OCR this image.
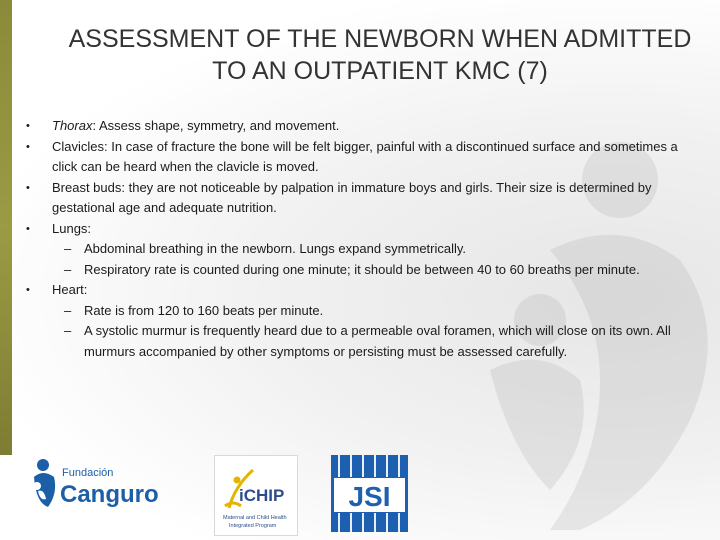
ASSESSMENT OF THE NEWBORN WHEN ADMITTED TO AN OUTPATIENT KMC (7)
• Thorax: Assess shape, symmetry, and movement.
• Clavicles: In case of fracture the bone will be felt bigger, painful with a discontinued surface and sometimes a click can be heard when the clavicle is moved.
• Breast buds: they are not noticeable by palpation in immature boys and girls. Their size is determined by gestational age and adequate nutrition.
• Lungs:
– Abdominal breathing in the newborn. Lungs expand symmetrically.
– Respiratory rate is counted during one minute; it should be between 40 to 60 breaths per minute.
• Heart:
– Rate is from 120 to 160 beats per minute.
– A systolic murmur is frequently heard due to a permeable oval foramen, which will close on its own. All murmurs accompanied by other symptoms or persisting must be assessed carefully.
Fundación
Canguro	iCHIP
Maternal and Child Health
Integrated Program
JSI
